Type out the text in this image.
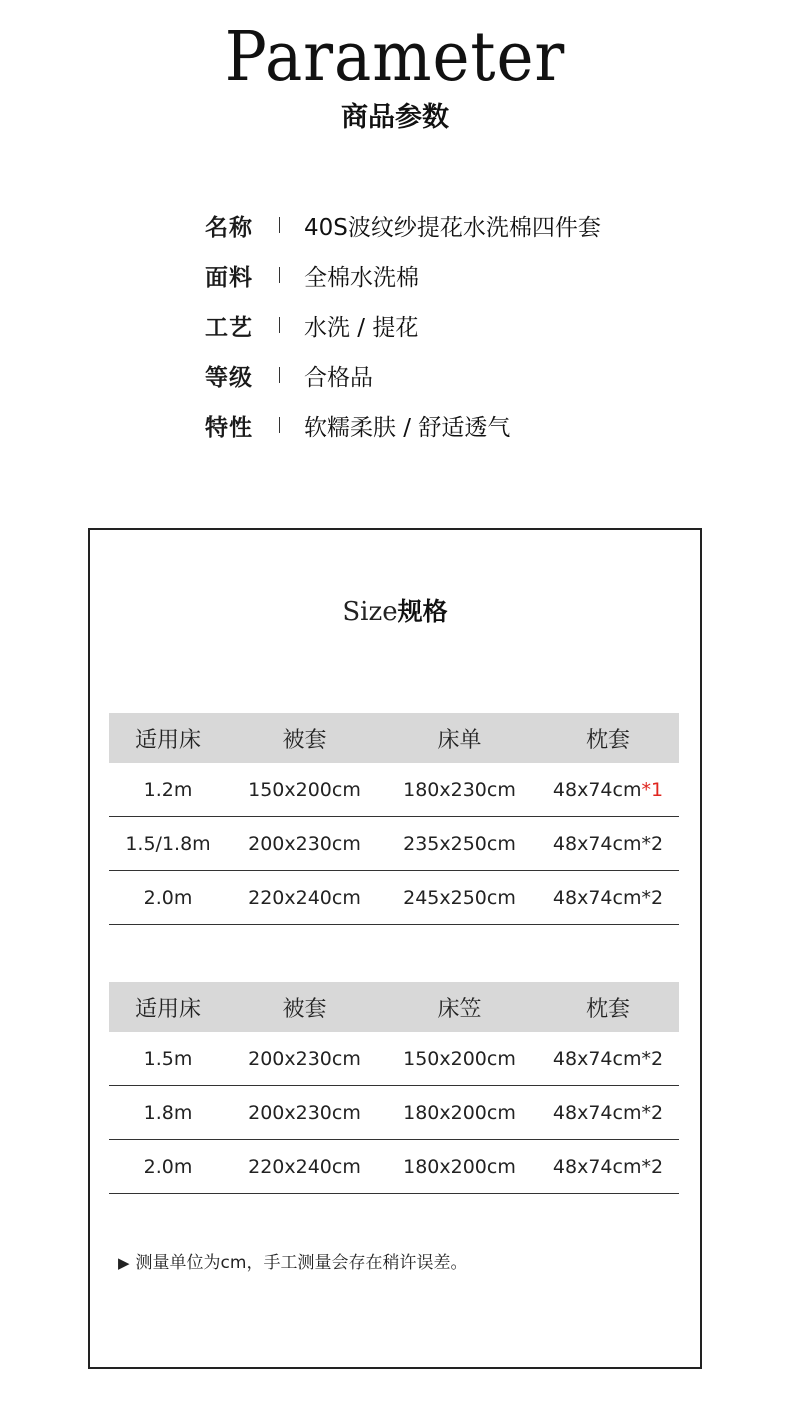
Parameter
商品参数
名称	40S波纹纱提花水洗棉四件套
面料	全棉水洗棉
工艺	水洗 / 提花
等级	合格品
特性	软糯柔肤 / 舒适透气
Size规格
适用床	被套	床单	枕套
1.2m	150x200cm	180x230cm	48x74cm*1
1.5/1.8m	200x230cm	235x250cm	48x74cm*2
2.0m	220x240cm	245x250cm	48x74cm*2
适用床	被套	床笠	枕套
1.5m	200x230cm	150x200cm	48x74cm*2
1.8m	200x230cm	180x200cm	48x74cm*2
2.0m	220x240cm	180x200cm	48x74cm*2
▶ 测量单位为cm，手工测量会存在稍许误差。
